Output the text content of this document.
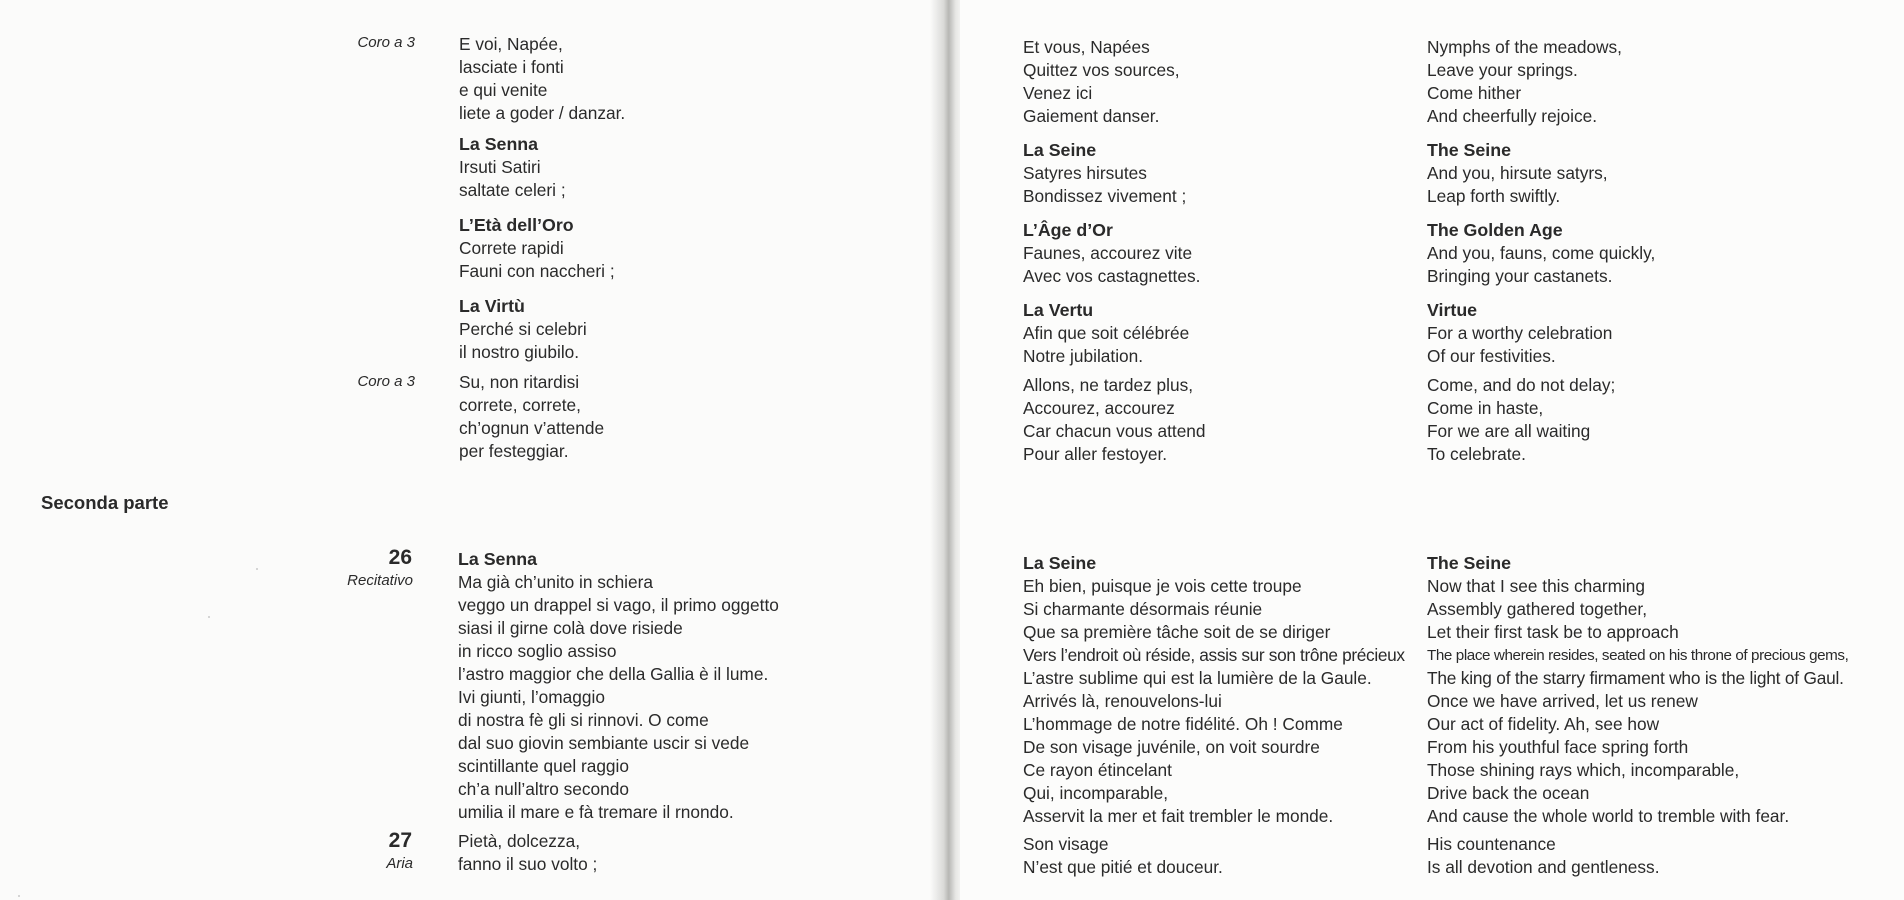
Coro a 3	E voi, Napée,
lasciate i fonti
e qui venite
liete a goder / danzar.
La Senna
Irsuti Satiri
saltate celeri ;
L’Età dell’Oro
Correte rapidi
Fauni con naccheri ;
La Virtù
Perché si celebri
il nostro giubilo.
Coro a 3	Su, non ritardisi
correte, correte,
ch’ognun v’attende
per festeggiar.
Seconda parte
26
Recitativo
La Senna
Ma già ch’unito in schiera
veggo un drappel si vago, il primo oggetto
siasi il girne colà dove risiede
in ricco soglio assiso
l’astro maggior che della Gallia è il lume.
Ivi giunti, l’omaggio
di nostra fè gli si rinnovi. O come
dal suo giovin sembiante uscir si vede
scintillante quel raggio
ch’a null’altro secondo
umilia il mare e fà tremare il rnondo.
27
Aria
Pietà, dolcezza,
fanno il suo volto ;
Et vous, Napées
Quittez vos sources,
Venez ici
Gaiement danser.
La Seine
Satyres hirsutes
Bondissez vivement ;
L’Âge d’Or
Faunes, accourez vite
Avec vos castagnettes.
La Vertu
Afin que soit célébrée
Notre jubilation.
Allons, ne tardez plus,
Accourez, accourez
Car chacun vous attend
Pour aller festoyer.
La Seine
Eh bien, puisque je vois cette troupe
Si charmante désormais réunie
Que sa première tâche soit de se diriger
Vers l’endroit où réside, assis sur son trône précieux
L’astre sublime qui est la lumière de la Gaule.
Arrivés là, renouvelons-lui
L’hommage de notre fidélité. Oh ! Comme
De son visage juvénile, on voit sourdre
Ce rayon étincelant
Qui, incomparable,
Asservit la mer et fait trembler le monde.
Son visage
N’est que pitié et douceur.
Nymphs of the meadows,
Leave your springs.
Come hither
And cheerfully rejoice.
The Seine
And you, hirsute satyrs,
Leap forth swiftly.
The Golden Age
And you, fauns, come quickly,
Bringing your castanets.
Virtue
For a worthy celebration
Of our festivities.
Come, and do not delay;
Come in haste,
For we are all waiting
To celebrate.
The Seine
Now that I see this charming
Assembly gathered together,
Let their first task be to approach
The place wherein resides, seated on his throne of precious gems,
The king of the starry firmament who is the light of Gaul.
Once we have arrived, let us renew
Our act of fidelity. Ah, see how
From his youthful face spring forth
Those shining rays which, incomparable,
Drive back the ocean
And cause the whole world to tremble with fear.
His countenance
Is all devotion and gentleness.
